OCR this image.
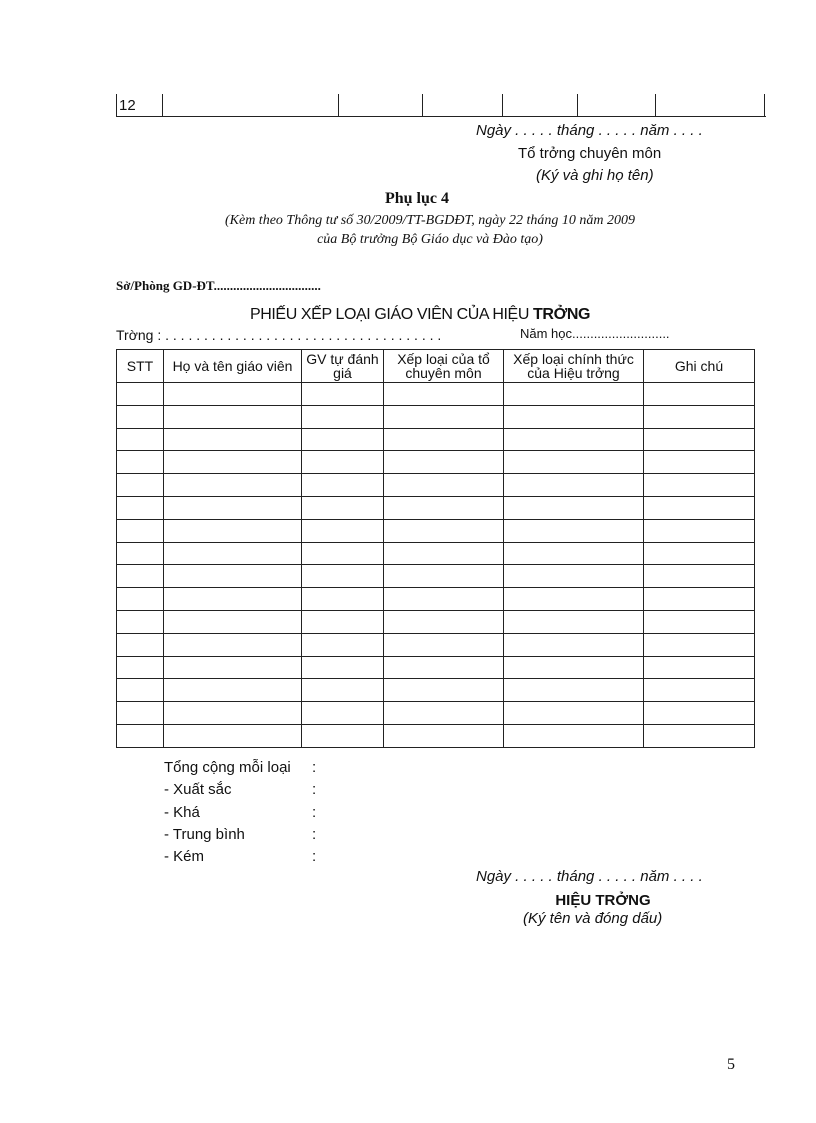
12
Ngày . . . . . tháng . . . . . năm . . . .
Tổ trởng chuyên môn
(Ký và ghi họ tên)
Phụ lục 4
(Kèm theo Thông tư số 30/2009/TT-BGDĐT, ngày 22 tháng 10 năm 2009
của Bộ trưởng Bộ Giáo dục và Đào tạo)
Sở/Phòng GD-ĐT.................................
PHIẾU XẾP LOẠI GIÁO VIÊN CỦA HIỆU TRỞNG
Trờng : . . . . . . . . . . . . . . . . . . . . . . . . . . . . . . . . . . . .	Năm học...........................
STT	Họ và tên giáo viên	GV tự đánh giá	Xếp loại của tổ chuyên môn	Xếp loại chính thức của Hiệu trởng	Ghi chú

Tổng cộng mỗi loại :
- Xuất sắc	:
- Khá	:
- Trung bình	:
- Kém	:
Ngày . . . . . tháng . . . . . năm . . . .
HIỆU TRỞNG
(Ký tên và đóng dấu)
5
